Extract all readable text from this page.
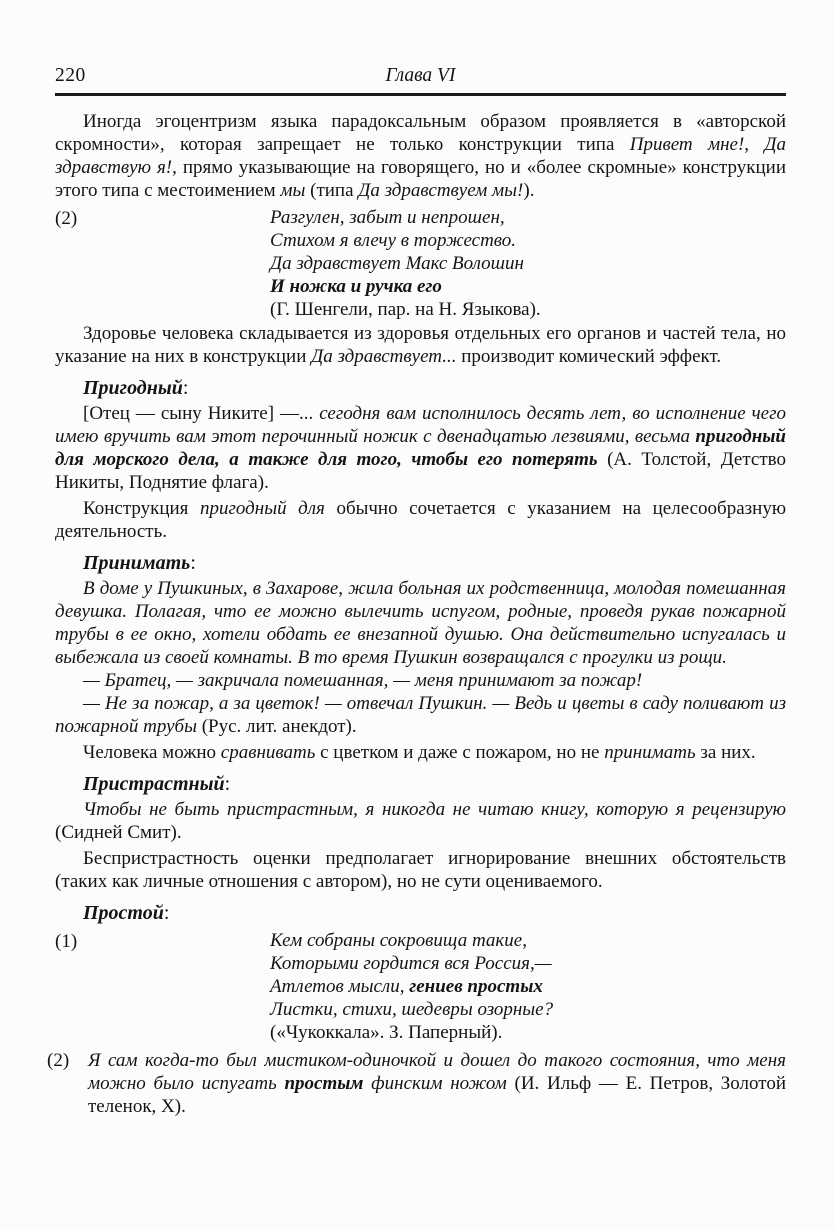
220	Глава VI

Иногда эгоцентризм языка парадоксальным образом проявляется в «авторской скромности», которая запрещает не только конструкции типа Привет мне!, Да здравствую я!, прямо указывающие на говорящего, но и «более скромные» конструкции этого типа с местоимением мы (типа Да здравствуем мы!).

(2)	Разгулен, забыт и непрошен,
Стихом я влечу в торжество.
Да здравствует Макс Волошин
И ножка и ручка его
(Г. Шенгели, пар. на Н. Языкова).

Здоровье человека складывается из здоровья отдельных его органов и частей тела, но указание на них в конструкции Да здравствует... производит комический эффект.

Пригодный:

[Отец — сыну Никите] —... сегодня вам исполнилось десять лет, во исполнение чего имею вручить вам этот перочинный ножик с двенадцатью лезвиями, весьма пригодный для морского дела, а также для того, чтобы его потерять (А. Толстой, Детство Никиты, Поднятие флага).

Конструкция пригодный для обычно сочетается с указанием на целесообразную деятельность.

Принимать:

В доме у Пушкиных, в Захарове, жила больная их родственница, молодая помешанная девушка. Полагая, что ее можно вылечить испугом, родные, проведя рукав пожарной трубы в ее окно, хотели обдать ее внезапной душью. Она действительно испугалась и выбежала из своей комнаты. В то время Пушкин возвращался с прогулки из рощи.

— Братец, — закричала помешанная, — меня принимают за пожар!

— Не за пожар, а за цветок! — отвечал Пушкин. — Ведь и цветы в саду поливают из пожарной трубы (Рус. лит. анекдот).

Человека можно сравнивать с цветком и даже с пожаром, но не принимать за них.

Пристрастный:

Чтобы не быть пристрастным, я никогда не читаю книгу, которую я рецензирую (Сидней Смит).

Беспристрастность оценки предполагает игнорирование внешних обстоятельств (таких как личные отношения с автором), но не сути оцениваемого.

Простой:

(1)	Кем собраны сокровища такие,
Которыми гордится вся Россия,—
Атлетов мысли, гениев простых
Листки, стихи, шедевры озорные?
(«Чукоккала». З. Паперный).
(2) Я сам когда-то был мистиком-одиночкой и дошел до такого состояния, что меня можно было испугать простым финским ножом (И. Ильф — Е. Петров, Золотой теленок, X).
